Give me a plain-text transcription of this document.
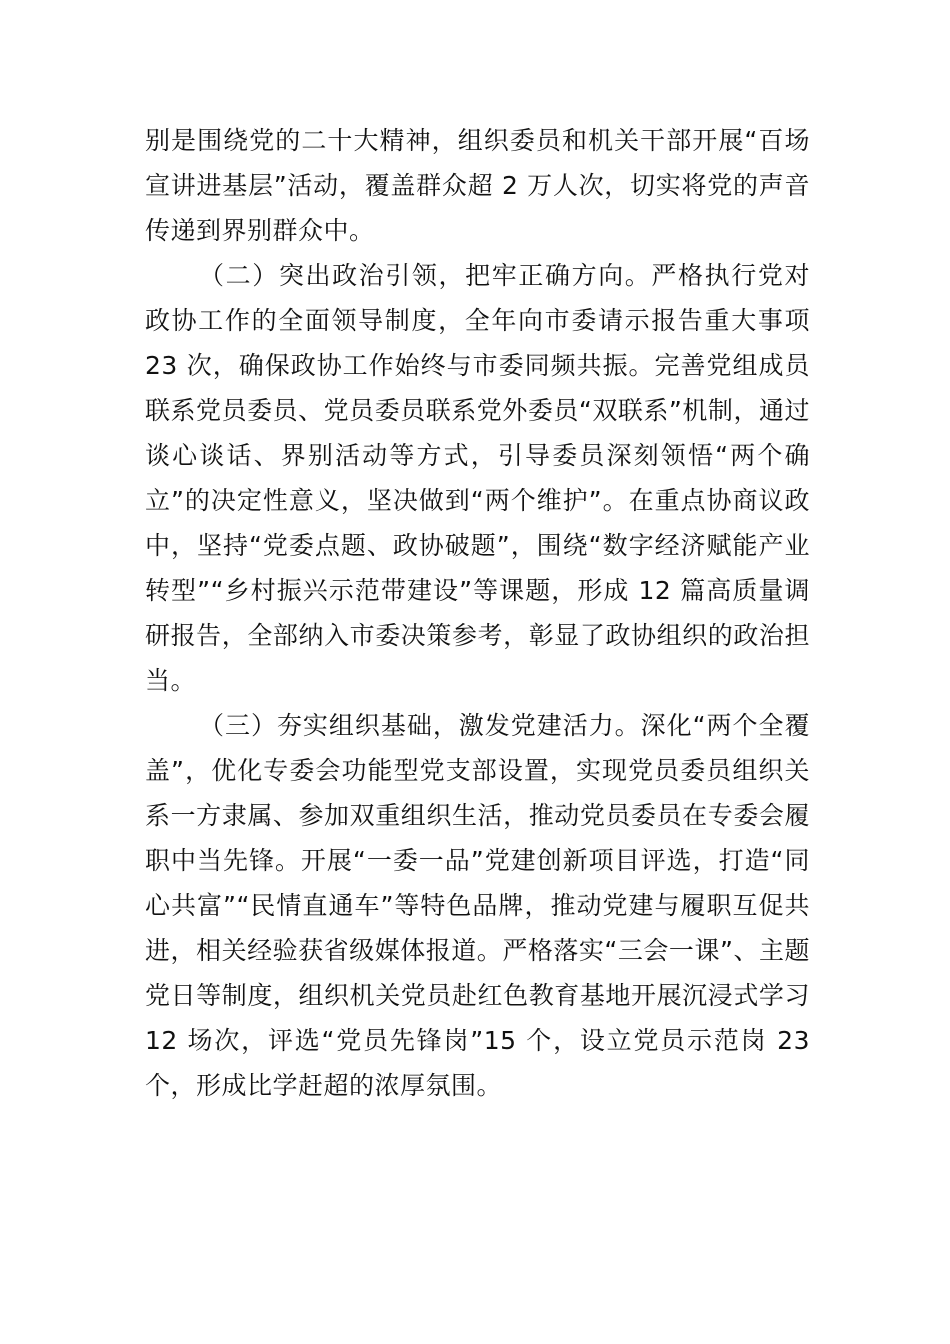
别是围绕党的二十大精神，组织委员和机关干部开展“百场宣讲进基层”活动，覆盖群众超 2 万人次，切实将党的声音传递到界别群众中。

（二）突出政治引领，把牢正确方向。严格执行党对政协工作的全面领导制度，全年向市委请示报告重大事项 23 次，确保政协工作始终与市委同频共振。完善党组成员联系党员委员、党员委员联系党外委员“双联系”机制，通过谈心谈话、界别活动等方式，引导委员深刻领悟“两个确立”的决定性意义，坚决做到“两个维护”。在重点协商议政中，坚持“党委点题、政协破题”，围绕“数字经济赋能产业转型”“乡村振兴示范带建设”等课题，形成 12 篇高质量调研报告，全部纳入市委决策参考，彰显了政协组织的政治担当。

（三）夯实组织基础，激发党建活力。深化“两个全覆盖”，优化专委会功能型党支部设置，实现党员委员组织关系一方隶属、参加双重组织生活，推动党员委员在专委会履职中当先锋。开展“一委一品”党建创新项目评选，打造“同心共富”“民情直通车”等特色品牌，推动党建与履职互促共进，相关经验获省级媒体报道。严格落实“三会一课”、主题党日等制度，组织机关党员赴红色教育基地开展沉浸式学习 12 场次，评选“党员先锋岗”15 个，设立党员示范岗 23 个，形成比学赶超的浓厚氛围。
